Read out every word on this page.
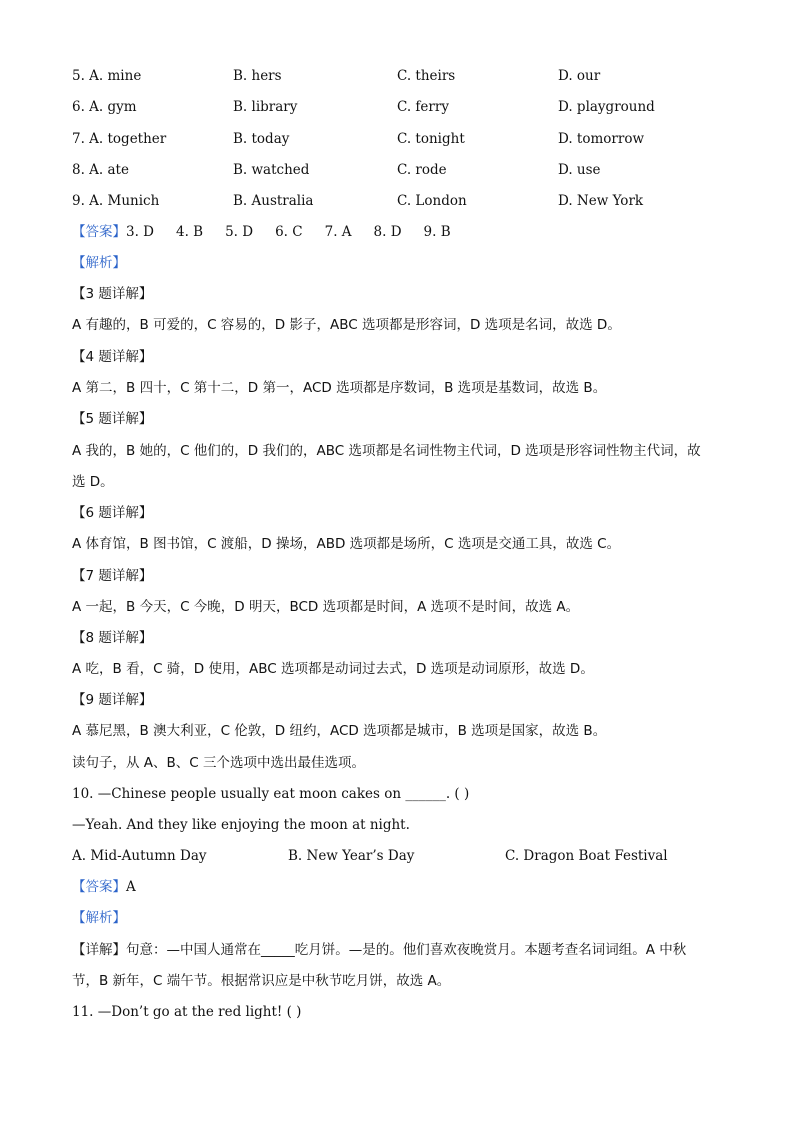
5. A. mine	B. hers	C. theirs	D. our
6. A. gym	B. library	C. ferry	D. playground
7. A. together	B. today	C. tonight	D. tomorrow
8. A. ate	B. watched	C. rode	D. use
9. A. Munich	B. Australia	C. London	D. New York
【答案】3. D 4. B 5. D 6. C 7. A 8. D 9. B
【解析】
【3 题详解】
A 有趣的，B 可爱的，C 容易的，D 影子，ABC 选项都是形容词，D 选项是名词，故选 D。
【4 题详解】
A 第二，B 四十，C 第十二，D 第一，ACD 选项都是序数词，B 选项是基数词，故选 B。
【5 题详解】
A 我的，B 她的，C 他们的，D 我们的，ABC 选项都是名词性物主代词，D 选项是形容词性物主代词，故
选 D。
【6 题详解】
A 体育馆，B 图书馆，C 渡船，D 操场，ABD 选项都是场所，C 选项是交通工具，故选 C。
【7 题详解】
A 一起，B 今天，C 今晚，D 明天，BCD 选项都是时间，A 选项不是时间，故选 A。
【8 题详解】
A 吃，B 看，C 骑，D 使用，ABC 选项都是动词过去式，D 选项是动词原形，故选 D。
【9 题详解】
A 慕尼黑，B 澳大利亚，C 伦敦，D 纽约，ACD 选项都是城市，B 选项是国家，故选 B。
读句子，从 A、B、C 三个选项中选出最佳选项。
10. —Chinese people usually eat moon cakes on ______. ( )
—Yeah. And they like enjoying the moon at night.
A. Mid-Autumn Day	B. New Year’s Day	C. Dragon Boat Festival
【答案】A
【解析】
【详解】句意：—中国人通常在_____吃月饼。—是的。他们喜欢夜晚赏月。本题考查名词词组。A 中秋
节，B 新年，C 端午节。根据常识应是中秋节吃月饼，故选 A。
11. —Don’t go at the red light! ( )
